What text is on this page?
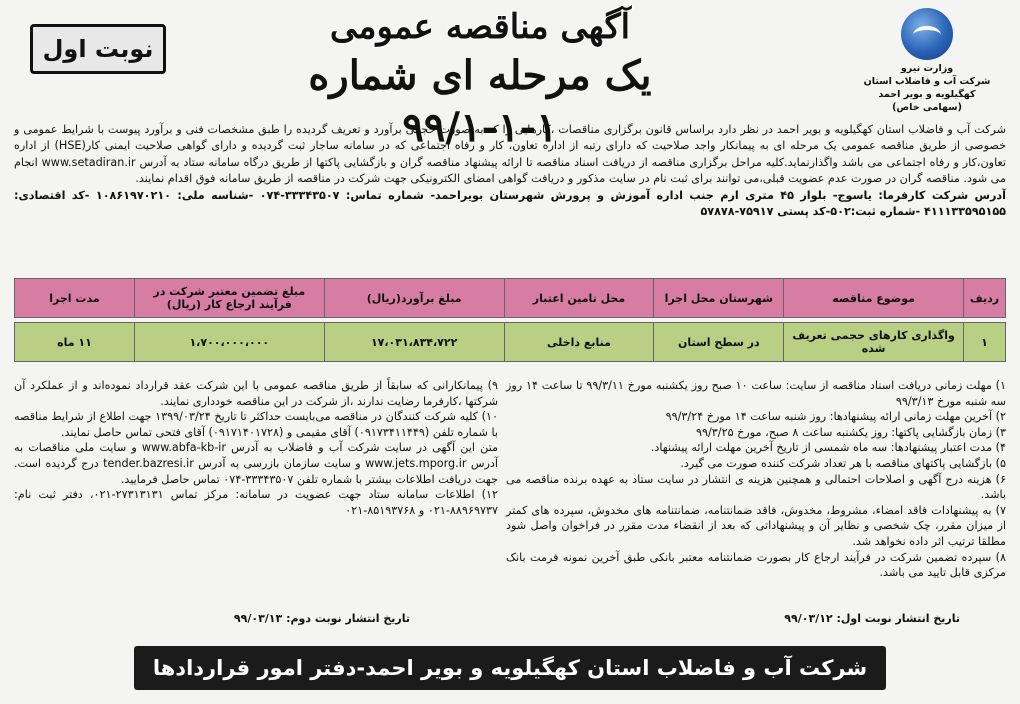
وزارت نیرو
شرکت آب و فاضلاب استان کهگیلویه و بویر احمد
(سهامی خاص)
آگهی مناقصه عمومی
یک مرحله ای شماره ۱-۱-۹۹/۱
نوبت اول

شرکت آب و فاضلاب استان کهگیلویه و بویر احمد در نظر دارد براساس قانون برگزاری مناقصات ،کارهایی را که به صورت حجمی برآورد و تعریف گردیده را طبق مشخصات فنی و برآورد پیوست با شرایط عمومی و خصوصی از طریق مناقصه عمومی یک مرحله ای به پیمانکار واجد صلاحیت که دارای رتبه از اداره تعاون، کار و رفاه اجتماعی که در سامانه ساجار ثبت گردیده و دارای گواهی صلاحیت ایمنی کار(HSE) از اداره تعاون،کار و رفاه اجتماعی می باشد واگذارنماید.کلیه مراحل برگزاری مناقصه از دریافت اسناد مناقصه تا ارائه پیشنهاد مناقصه گران و بازگشایی پاکتها از طریق درگاه سامانه ستاد به آدرس www.setadiran.ir انجام می شود. مناقصه گران در صورت عدم عضویت قبلی،می توانند برای ثبت نام در سایت مذکور و دریافت گواهی امضای الکترونیکی جهت شرکت در مناقصه از طریق سامانه فوق اقدام نمایند.

آدرس شرکت کارفرما: یاسوج- بلوار ۴۵ متری ارم جنب اداره آموزش و پرورش شهرستان بویراحمد- شماره تماس: ۳۳۳۴۳۵۰۷-۰۷۴ -شناسه ملی: ۱۰۸۶۱۹۷۰۲۱۰ -کد اقتصادی: ۴۱۱۱۳۳۵۹۵۱۵۵ -شماره ثبت:۵۰۲-کد پستی ۷۵۹۱۷-۵۷۸۷۸

ردیف	موضوع مناقصه	شهرستان محل اجرا	محل تامین اعتبار	مبلغ برآورد(ریال)	مبلغ تضمین معتبر شرکت در فرآیند ارجاع کار (ریال)	مدت اجرا

۱	واگذاری کارهای حجمی تعریف شده	در سطح استان	منابع داخلی	۱۷،۰۳۱،۸۳۴،۷۲۲	۱،۷۰۰،۰۰۰،۰۰۰	۱۱ ماه

۱) مهلت زمانی دریافت اسناد مناقصه از سایت: ساعت ۱۰ صبح روز یکشنبه مورخ ۹۹/۳/۱۱ تا ساعت ۱۴ روز سه شنبه مورخ ۹۹/۳/۱۳

۲) آخرین مهلت زمانی ارائه پیشنهادها: روز شنبه ساعت ۱۴ مورخ ۹۹/۳/۲۴

۳) زمان بازگشایی پاکتها: روز یکشنبه ساعت ۸ صبح، مورخ ۹۹/۳/۲۵

۴) مدت اعتبار پیشنهادها: سه ماه شمسی از تاریخ آخرین مهلت ارائه پیشنهاد.

۵) بازگشایی پاکتهای مناقصه با هر تعداد شرکت کننده صورت می گیرد.

۶) هزینه درج آگهی و اصلاحات احتمالی و همچنین هزینه ی انتشار در سایت ستاد به عهده برنده مناقصه می باشد.

۷) به پیشنهادات فاقد امضاء، مشروط، مخدوش، فاقد ضمانتنامه، ضمانتنامه های مخدوش، سپرده های کمتر از میزان مقرر، چک شخصی و نظایر آن و پیشنهاداتی که بعد از انقضاء مدت مقرر در فراخوان واصل شود مطلقا ترتیب اثر داده نخواهد شد.

۸) سپرده تضمین شرکت در فرآیند ارجاع کار بصورت ضمانتنامه معتبر بانکی طبق آخرین نمونه فرمت بانک مرکزی قابل تایید می باشد.

۹) پیمانکارانی که سابقاً از طریق مناقصه عمومی با این شرکت عقد قرارداد نموده‌اند و از عملکرد آن شرکتها ،کارفرما رضایت ندارند ،از شرکت در این مناقصه خودداری نمایند.

۱۰) کلیه شرکت کنندگان در مناقصه می‌بایست حداکثر تا تاریخ ۱۳۹۹/۰۳/۲۴ جهت اطلاع از شرایط مناقصه با شماره تلفن (۰۹۱۷۳۴۱۱۴۴۹) آقای مقیمی و (۰۹۱۷۱۴۰۱۷۲۸) آقای فتحی تماس حاصل نمایند.

متن این آگهی در سایت شرکت آب و فاضلاب به آدرس www.abfa-kb-ir و سایت ملی مناقصات به آدرس www.jets.mporg.ir و سایت سازمان بازرسی به آدرس tender.bazresi.ir درج گردیده است. جهت دریافت اطلاعات بیشتر با شماره تلفن ۳۳۳۴۳۵۰۷-۰۷۴ تماس حاصل فرمایید.

۱۲) اطلاعات سامانه ستاد جهت عضویت در سامانه: مرکز تماس ۲۷۳۱۳۱۳۱-۰۲۱، دفتر ثبت نام: ۸۸۹۶۹۷۳۷-۰۲۱ و ۸۵۱۹۳۷۶۸-۰۲۱

تاریخ انتشار نوبت اول: ۹۹/۰۳/۱۲
تاریخ انتشار نوبت دوم: ۹۹/۰۳/۱۳
شرکت آب و فاضلاب استان کهگیلویه و بویر احمد-دفتر امور قراردادها
